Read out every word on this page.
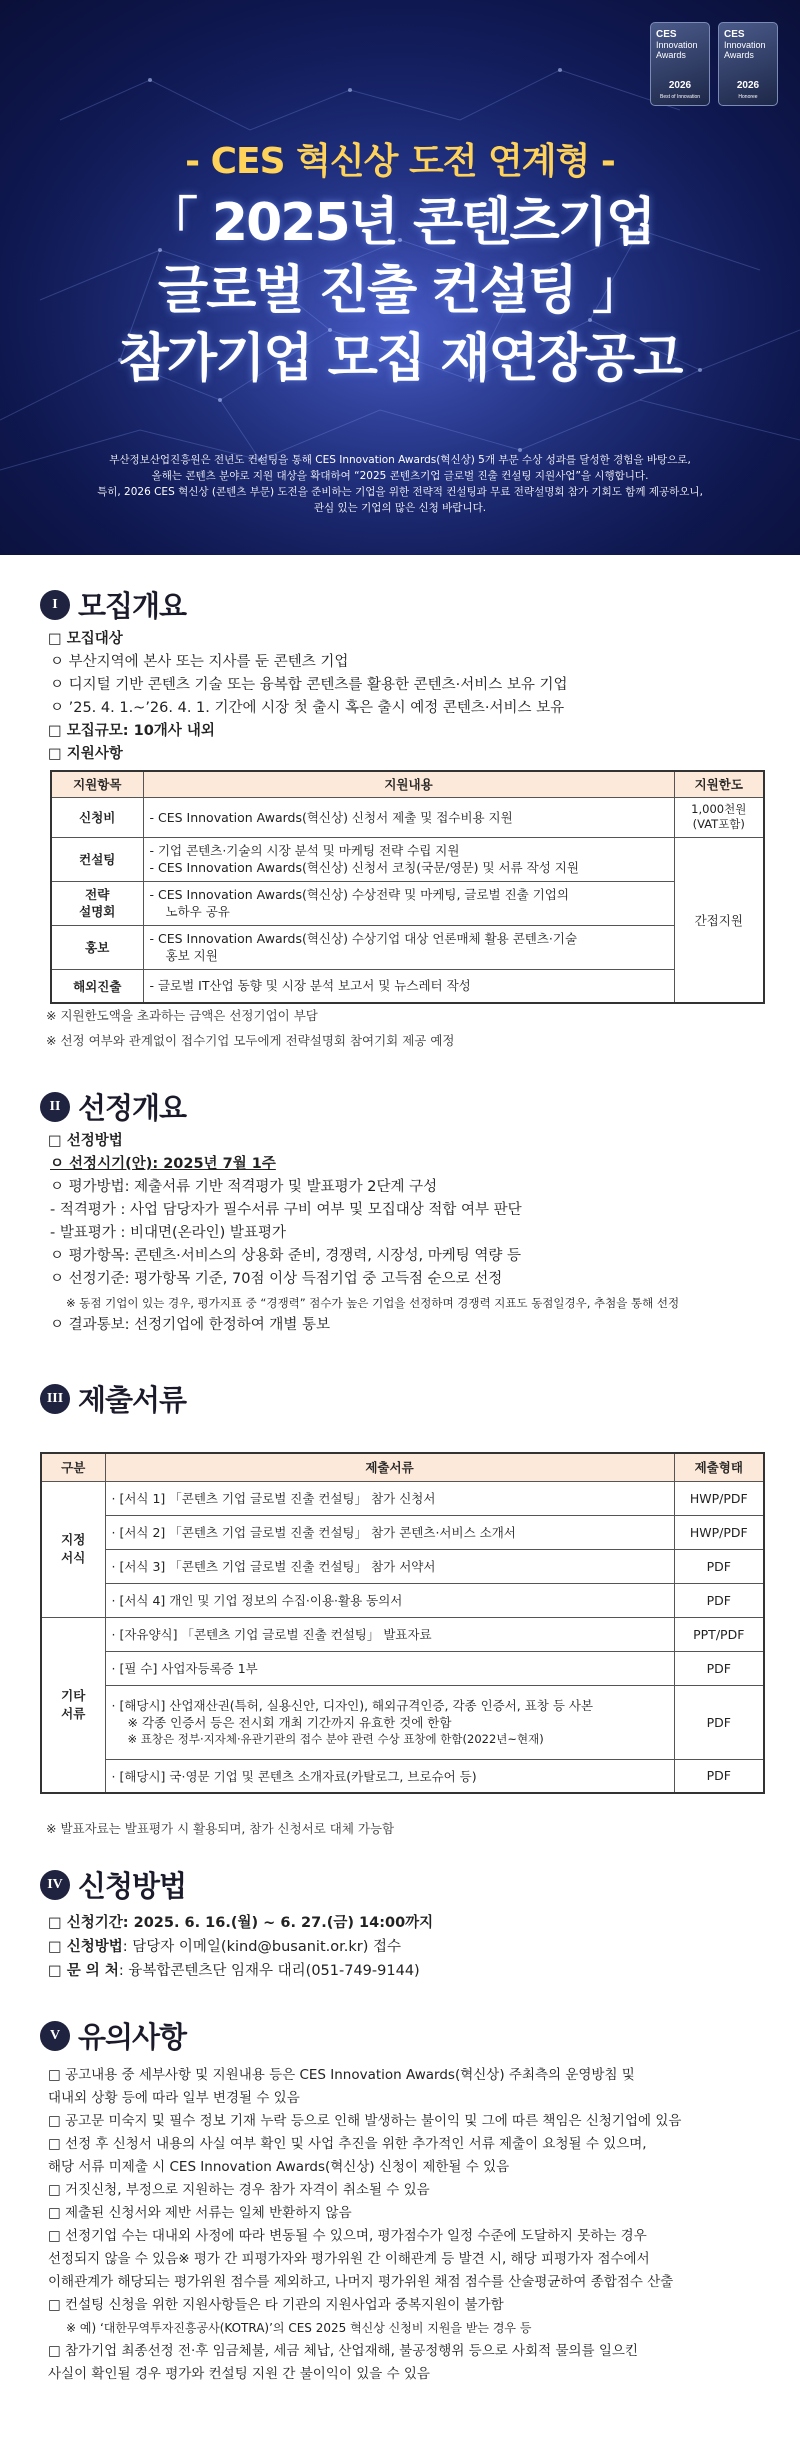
CES
Innovation
Awards
2026
Best of Innovation
CES
Innovation
Awards
2026
Honoree
- CES 혁신상 도전 연계형 -
「 2025년 콘텐츠기업
글로벌 진출 컨설팅 」
참가기업 모집 재연장공고
부산정보산업진흥원은 전년도 컨설팅을 통해 CES Innovation Awards(혁신상) 5개 부문 수상 성과를 달성한 경험을 바탕으로,
올해는 콘텐츠 분야로 지원 대상을 확대하여 “2025 콘텐츠기업 글로벌 진출 컨설팅 지원사업”을 시행합니다.
특히, 2026 CES 혁신상 (콘텐츠 부문) 도전을 준비하는 기업을 위한 전략적 컨설팅과 무료 전략설명회 참가 기회도 함께 제공하오니,
관심 있는 기업의 많은 신청 바랍니다.
I 모집개요
□ 모집대상
ㅇ 부산지역에 본사 또는 지사를 둔 콘텐츠 기업
ㅇ 디지털 기반 콘텐츠 기술 또는 융복합 콘텐츠를 활용한 콘텐츠·서비스 보유 기업
ㅇ ’25. 4. 1.~’26. 4. 1. 기간에 시장 첫 출시 혹은 출시 예정 콘텐츠·서비스 보유
□ 모집규모: 10개사 내외
□ 지원사항
지원항목	지원내용	지원한도
신청비	- CES Innovation Awards(혁신상) 신청서 제출 및 접수비용 지원	1,000천원
(VAT포함)
컨설팅	- 기업 콘텐츠·기술의 시장 분석 및 마케팅 전략 수립 지원
- CES Innovation Awards(혁신상) 신청서 코칭(국문/영문) 및 서류 작성 지원	간접지원
전략
설명회	- CES Innovation Awards(혁신상) 수상전략 및 마케팅, 글로벌 진출 기업의
노하우 공유	

홍보	- CES Innovation Awards(혁신상) 수상기업 대상 언론매체 활용 콘텐츠·기술
홍보 지원	

해외진출	- 글로벌 IT산업 동향 및 시장 분석 보고서 및 뉴스레터 작성	
※ 지원한도액을 초과하는 금액은 선정기업이 부담
※ 선정 여부와 관계없이 접수기업 모두에게 전략설명회 참여기회 제공 예정
II 선정개요
□ 선정방법
ㅇ 선정시기(안): 2025년 7월 1주
ㅇ 평가방법: 제출서류 기반 적격평가 및 발표평가 2단계 구성
- 적격평가 : 사업 담당자가 필수서류 구비 여부 및 모집대상 적합 여부 판단
- 발표평가 : 비대면(온라인) 발표평가
ㅇ 평가항목: 콘텐츠·서비스의 상용화 준비, 경쟁력, 시장성, 마케팅 역량 등
ㅇ 선정기준: 평가항목 기준, 70점 이상 득점기업 중 고득점 순으로 선정
※ 동점 기업이 있는 경우, 평가지표 중 “경쟁력” 점수가 높은 기업을 선정하며 경쟁력 지표도 동점일경우, 추첨을 통해 선정
ㅇ 결과통보: 선정기업에 한정하여 개별 통보
III 제출서류
구분	제출서류	제출형태
지정
서식	· [서식 1] 「콘텐츠 기업 글로벌 진출 컨설팅」 참가 신청서	HWP/PDF
	· [서식 2] 「콘텐츠 기업 글로벌 진출 컨설팅」 참가 콘텐츠·서비스 소개서	HWP/PDF
	· [서식 3] 「콘텐츠 기업 글로벌 진출 컨설팅」 참가 서약서	PDF
	· [서식 4] 개인 및 기업 정보의 수집·이용·활용 동의서	PDF
기타
서류	· [자유양식] 「콘텐츠 기업 글로벌 진출 컨설팅」 발표자료	PPT/PDF
	· [필 수] 사업자등록증 1부	PDF

	· [해당시] 산업재산권(특허, 실용신안, 디자인), 해외규격인증, 각종 인증서, 표창 등 사본
※ 각종 인증서 등은 전시회 개최 기간까지 유효한 것에 한함
※ 표창은 정부·지자체·유관기관의 접수 분야 관련 수상 표창에 한함(2022년~현재)	PDF
	· [해당시] 국·영문 기업 및 콘텐츠 소개자료(카탈로그, 브로슈어 등)	PDF
※ 발표자료는 발표평가 시 활용되며, 참가 신청서로 대체 가능함
IV 신청방법
□ 신청기간: 2025. 6. 16.(월) ~ 6. 27.(금) 14:00까지
□ 신청방법: 담당자 이메일(kind@busanit.or.kr) 접수
□ 문 의 처: 융복합콘텐츠단 임재우 대리(051-749-9144)
V 유의사항
□ 공고내용 중 세부사항 및 지원내용 등은 CES Innovation Awards(혁신상) 주최측의 운영방침 및
대내외 상황 등에 따라 일부 변경될 수 있음
□ 공고문 미숙지 및 필수 정보 기재 누락 등으로 인해 발생하는 불이익 및 그에 따른 책임은 신청기업에 있음
□ 선정 후 신청서 내용의 사실 여부 확인 및 사업 추진을 위한 추가적인 서류 제출이 요청될 수 있으며,
해당 서류 미제출 시 CES Innovation Awards(혁신상) 신청이 제한될 수 있음
□ 거짓신청, 부정으로 지원하는 경우 참가 자격이 취소될 수 있음
□ 제출된 신청서와 제반 서류는 일체 반환하지 않음
□ 선정기업 수는 대내외 사정에 따라 변동될 수 있으며, 평가점수가 일정 수준에 도달하지 못하는 경우
선정되지 않을 수 있음※ 평가 간 피평가자와 평가위원 간 이해관계 등 발견 시, 해당 피평가자 점수에서
이해관계가 해당되는 평가위원 점수를 제외하고, 나머지 평가위원 채점 점수를 산술평균하여 종합점수 산출
□ 컨설팅 신청을 위한 지원사항들은 타 기관의 지원사업과 중복지원이 불가함
※ 예) ‘대한무역투자진흥공사(KOTRA)’의 CES 2025 혁신상 신청비 지원을 받는 경우 등
□ 참가기업 최종선정 전·후 임금체불, 세금 체납, 산업재해, 불공정행위 등으로 사회적 물의를 일으킨
사실이 확인될 경우 평가와 컨설팅 지원 간 불이익이 있을 수 있음
